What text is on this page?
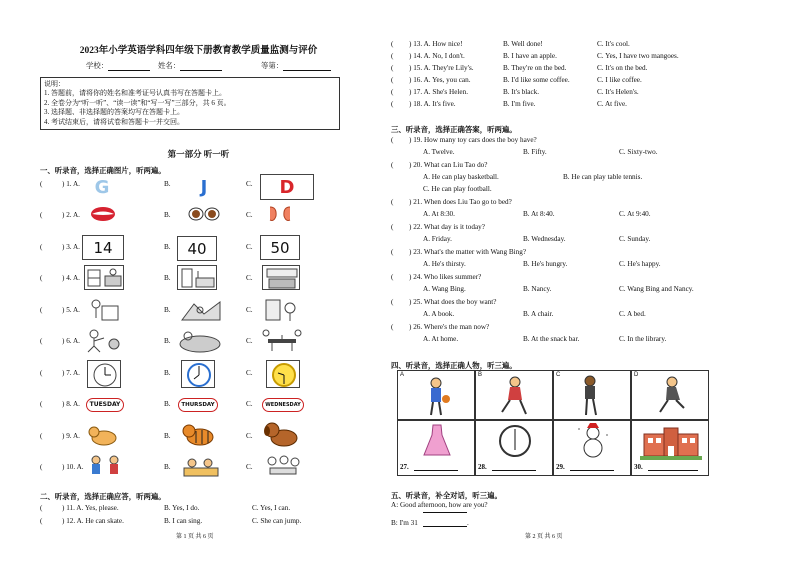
2023年小学英语学科四年级下册教育教学质量监测与评价
学校：	姓名：	等第：
说明：
1. 答题前，请将你的姓名和准考证号认真书写在答题卡上。
2. 全卷分为“听一听”、“读一读”和“写一写”三部分，共 6 页。
3. 选择题、非选择题的答案均写在答题卡上。
4. 考试结束后，请将试卷和答题卡一并交回。
第一部分 听一听
一、听录音，选择正确图片，听两遍。
(	) 1. A. G	B.	J	C.	D
(	) 2. A.	B.	C.
(	) 3. A. 14	B.	40	C.	50
(	) 4. A.	B.	C.
(	) 5. A.	B.	C.
(	) 6. A.	B.	C.
(	) 7. A.	B.	C.
(	) 8. A.	TUESDAY	B.	THURSDAY	C.	WEDNESDAY
(	) 9. A.	B.	C.
(	) 10. A.	B.	C.
二、听录音，选择正确应答，听两遍。
(	) 11. A. Yes, please.	B. Yes, I do.	C. Yes, I can.
(	) 12. A. He can skate.	B. I can sing.	C. She can jump.
第 1 页 共 6 页
( ) 13. A. How nice!	B. Well done!	C. It's cool.
( ) 14. A. No, I don't.	B. I have an apple.	C. Yes, I have two mangoes.
( ) 15. A. They're Lily's.	B. They're on the bed.	C. It's on the bed.
( ) 16. A. Yes, you can.	B. I'd like some coffee.	C. I like coffee.
( ) 17. A. She's Helen.	B. It's black.	C. It's Helen's.
( ) 18. A. It's five.	B. I'm five.	C. At five.
三、听录音，选择正确答案，听两遍。
( ) 19. How many toy cars does the boy have?
A. Twelve.	B. Fifty.	C. Sixty-two.
( ) 20. What can Liu Tao do?
A. He can play basketball.	B. He can play table tennis.
C. He can play football.
( ) 21. When does Liu Tao go to bed?
A. At 8:30.	B. At 8:40.	C. At 9:40.
( ) 22. What day is it today?
A. Friday.	B. Wednesday.	C. Sunday.
( ) 23. What's the matter with Wang Bing?
A. He's thirsty.	B. He's hungry.	C. He's happy.
( ) 24. Who likes summer?
A. Wang Bing.	B. Nancy.	C. Wang Bing and Nancy.
( ) 25. What does the boy want?
A. A book.	B. A chair.	C. A bed.
( ) 26. Where's the man now?
A. At home.	B. At the snack bar.	C. In the library.
四、听录音，选择正确人物，听三遍。
A	B	C	D
27.	28.	29.	30.
五、听录音，补全对话，听三遍。
A: Good afternoon, how are you?
B: I'm 31	.
第 2 页 共 6 页
